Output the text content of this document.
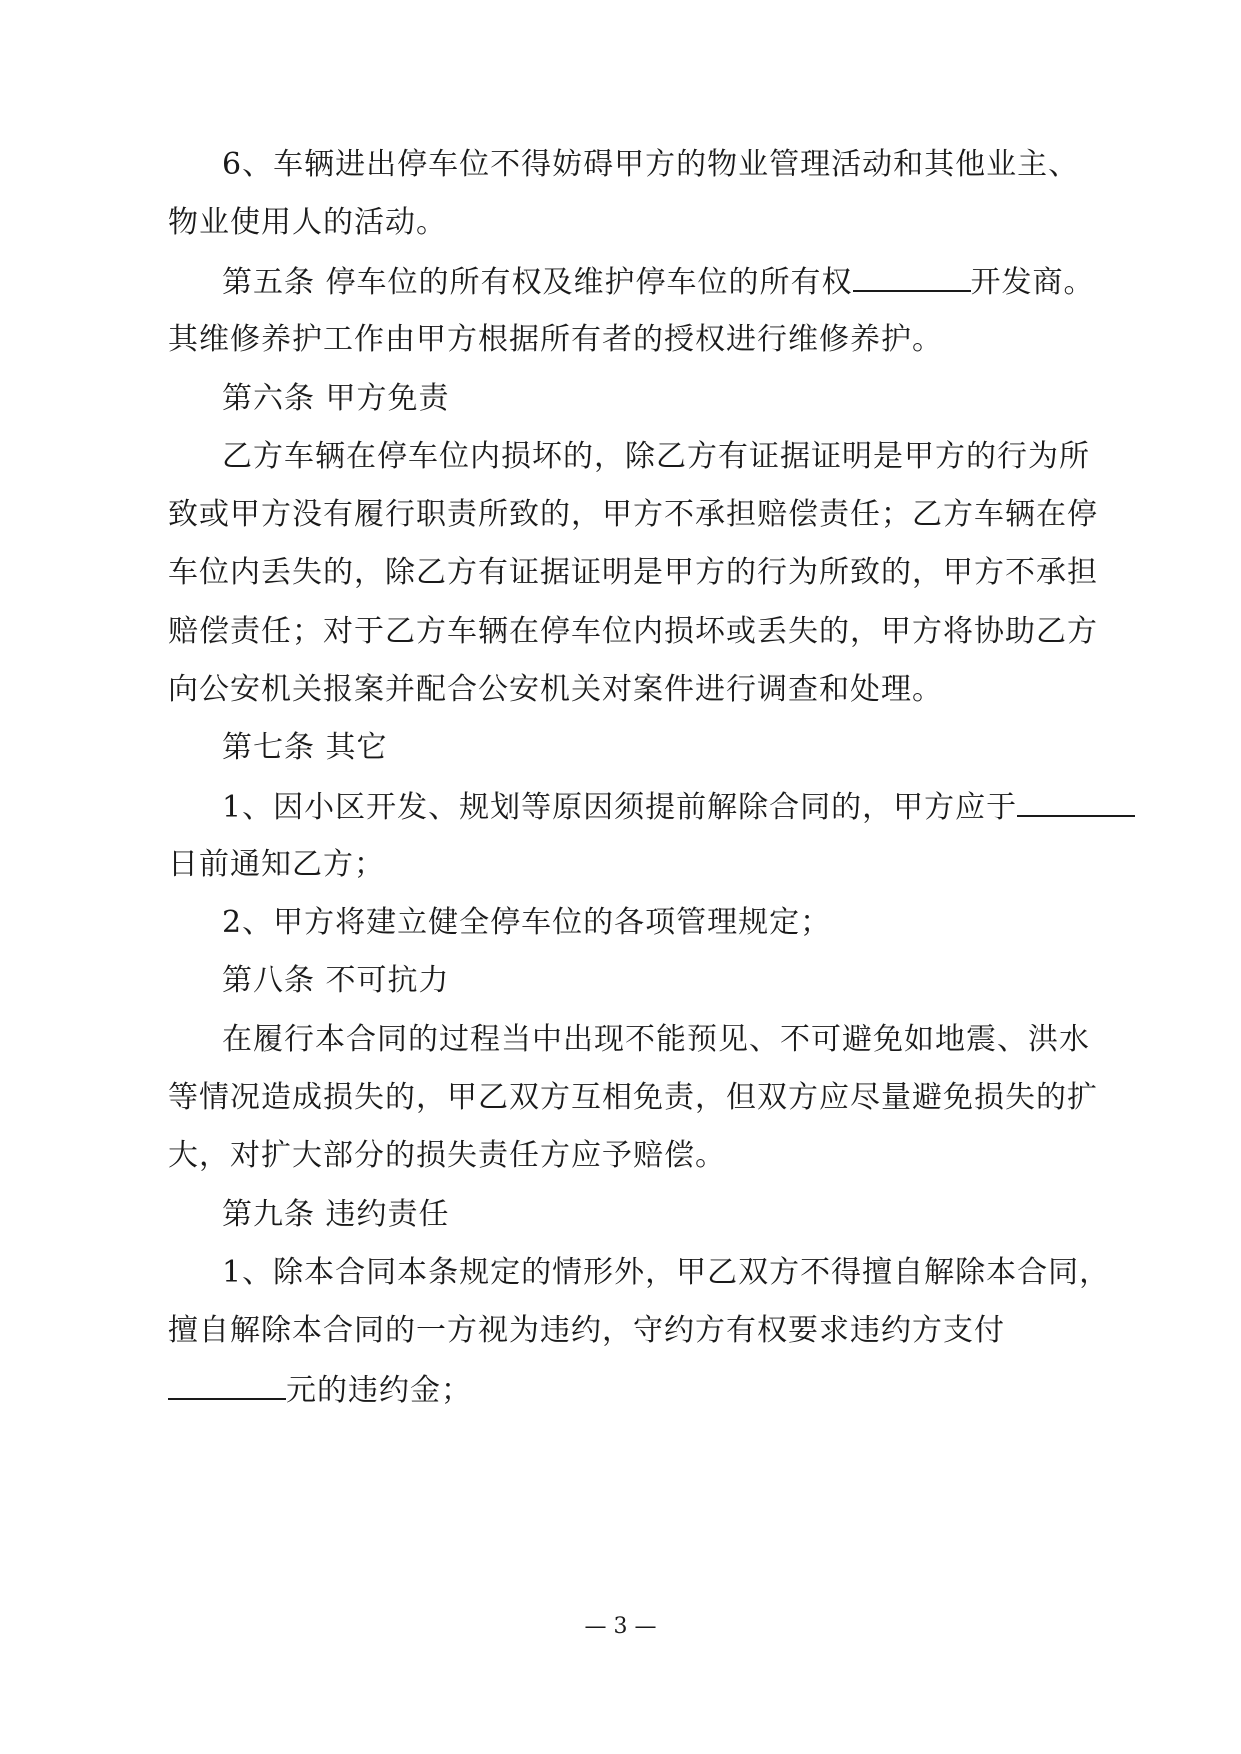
6、车辆进出停车位不得妨碍甲方的物业管理活动和其他业主、
物业使用人的活动。
第五条 停车位的所有权及维护停车位的所有权	开发商。
其维修养护工作由甲方根据所有者的授权进行维修养护。
第六条 甲方免责
乙方车辆在停车位内损坏的，除乙方有证据证明是甲方的行为所
致或甲方没有履行职责所致的，甲方不承担赔偿责任；乙方车辆在停
车位内丢失的，除乙方有证据证明是甲方的行为所致的，甲方不承担
赔偿责任；对于乙方车辆在停车位内损坏或丢失的，甲方将协助乙方
向公安机关报案并配合公安机关对案件进行调查和处理。
第七条 其它
1、因小区开发、规划等原因须提前解除合同的，甲方应于
日前通知乙方；
2、甲方将建立健全停车位的各项管理规定；
第八条 不可抗力
在履行本合同的过程当中出现不能预见、不可避免如地震、洪水
等情况造成损失的，甲乙双方互相免责，但双方应尽量避免损失的扩
大，对扩大部分的损失责任方应予赔偿。
第九条 违约责任
1、除本合同本条规定的情形外，甲乙双方不得擅自解除本合同，
擅自解除本合同的一方视为违约，守约方有权要求违约方支付
元的违约金；
— 3 —
